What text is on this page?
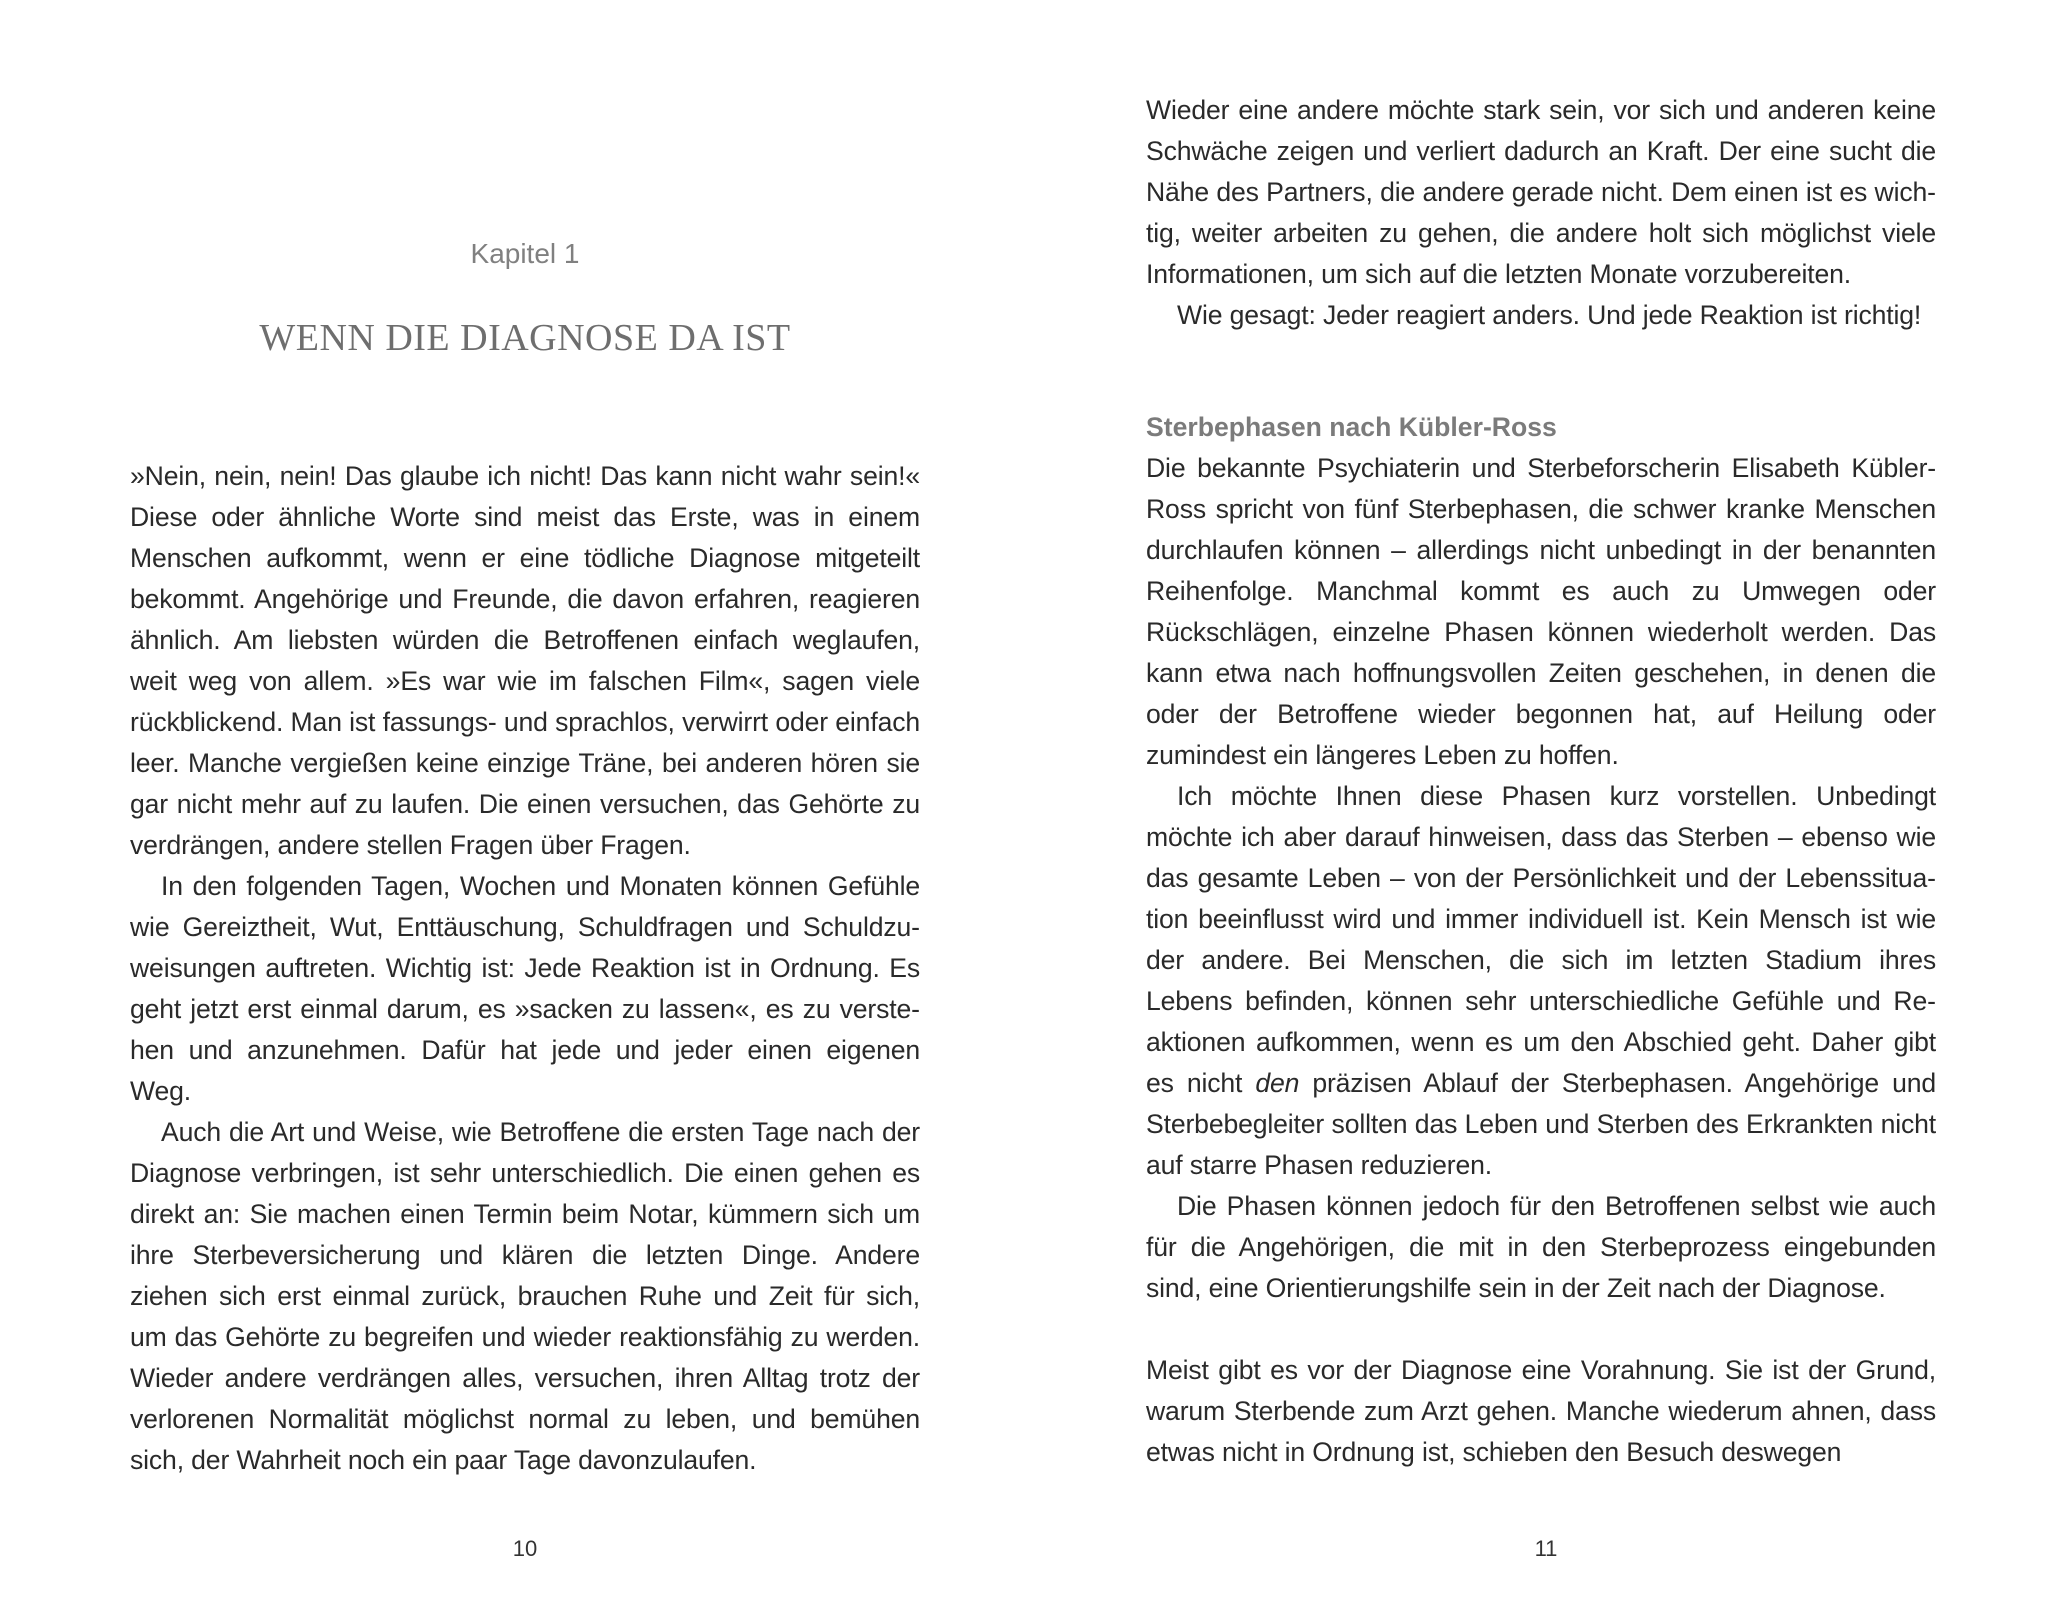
Kapitel 1

WENN DIE DIAGNOSE DA IST

»Nein, nein, nein! Das glaube ich nicht! Das kann nicht wahr sein!« Diese oder ähnliche Worte sind meist das Erste, was in einem Menschen aufkommt, wenn er eine tödliche Diagnose mitgeteilt bekommt. Angehörige und Freunde, die davon erfahren, reagieren ähnlich. Am liebsten würden die Betroffenen einfach weglaufen, weit weg von allem. »Es war wie im falschen Film«, sagen viele rückblickend. Man ist fassungs- und sprachlos, verwirrt oder einfach leer. Manche vergießen keine einzige Träne, bei anderen hören sie gar nicht mehr auf zu laufen. Die einen versuchen, das Gehörte zu verdrängen, andere stellen Fragen über Fragen.

In den folgenden Tagen, Wochen und Monaten können Gefühle wie Gereiztheit, Wut, Enttäuschung, Schuldfragen und Schuldzuweisungen auftreten. Wichtig ist: Jede Reaktion ist in Ordnung. Es geht jetzt erst einmal darum, es »sacken zu lassen«, es zu verstehen und anzunehmen. Dafür hat jede und jeder einen eigenen Weg.

Auch die Art und Weise, wie Betroffene die ersten Tage nach der Diagnose verbringen, ist sehr unterschiedlich. Die einen gehen es direkt an: Sie machen einen Termin beim Notar, kümmern sich um ihre Sterbeversicherung und klären die letzten Dinge. Andere ziehen sich erst einmal zurück, brauchen Ruhe und Zeit für sich, um das Gehörte zu begreifen und wieder reaktionsfähig zu werden. Wieder andere verdrängen alles, versuchen, ihren Alltag trotz der verlorenen Normalität möglichst normal zu leben, und bemühen sich, der Wahrheit noch ein paar Tage davonzulaufen.

10

Wieder eine andere möchte stark sein, vor sich und anderen keine Schwäche zeigen und verliert dadurch an Kraft. Der eine sucht die Nähe des Partners, die andere gerade nicht. Dem einen ist es wichtig, weiter arbeiten zu gehen, die andere holt sich möglichst viele Informationen, um sich auf die letzten Monate vorzubereiten.

Wie gesagt: Jeder reagiert anders. Und jede Reaktion ist richtig!

Sterbephasen nach Kübler-Ross

Die bekannte Psychiaterin und Sterbeforscherin Elisabeth Kübler-Ross spricht von fünf Sterbephasen, die schwer kranke Menschen durchlaufen können – allerdings nicht unbedingt in der benannten Reihenfolge. Manchmal kommt es auch zu Umwegen oder Rückschlägen, einzelne Phasen können wiederholt werden. Das kann etwa nach hoffnungsvollen Zeiten geschehen, in denen die oder der Betroffene wieder begonnen hat, auf Heilung oder zumindest ein längeres Leben zu hoffen.

Ich möchte Ihnen diese Phasen kurz vorstellen. Unbedingt möchte ich aber darauf hinweisen, dass das Sterben – ebenso wie das gesamte Leben – von der Persönlichkeit und der Lebenssituation beeinflusst wird und immer individuell ist. Kein Mensch ist wie der andere. Bei Menschen, die sich im letzten Stadium ihres Lebens befinden, können sehr unterschiedliche Gefühle und Reaktionen aufkommen, wenn es um den Abschied geht. Daher gibt es nicht den präzisen Ablauf der Sterbephasen. Angehörige und Sterbebegleiter sollten das Leben und Sterben des Erkrankten nicht auf starre Phasen reduzieren.

Die Phasen können jedoch für den Betroffenen selbst wie auch für die Angehörigen, die mit in den Sterbeprozess eingebunden sind, eine Orientierungshilfe sein in der Zeit nach der Diagnose.

Meist gibt es vor der Diagnose eine Vorahnung. Sie ist der Grund, warum Sterbende zum Arzt gehen. Manche wiederum ahnen, dass etwas nicht in Ordnung ist, schieben den Besuch deswegen

11
